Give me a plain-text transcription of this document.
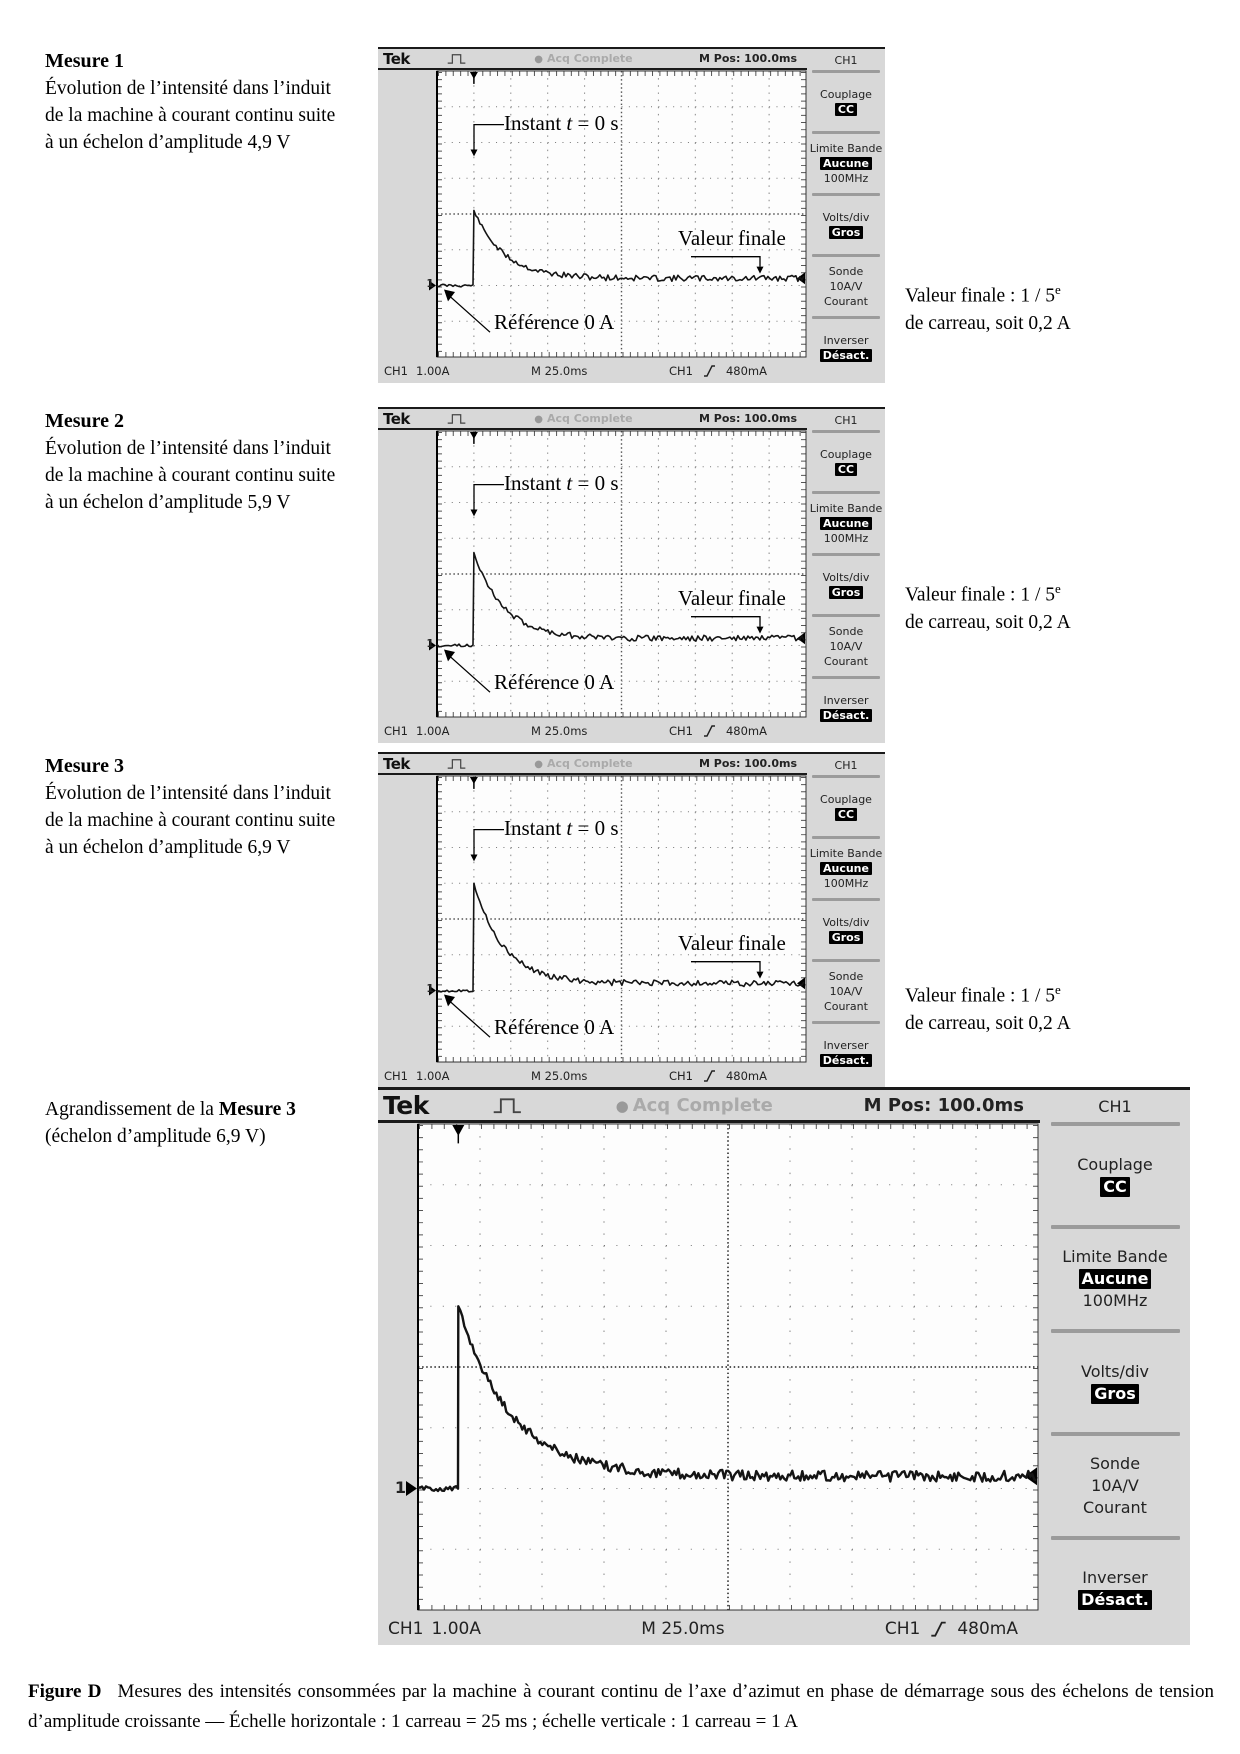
Mesure 1
Évolution de l’intensité dans l’induit
de la machine à courant continu suite
à un échelon d’amplitude 4,9 V
Tek	● Acq Complete	M Pos: 100.0ms
1
Instant t = 0 s
Valeur finale
Référence 0 A
CH1
Couplage
CC
Limite Bande
Aucune
100MHz
Volts/div
Gros
Sonde
10A/V
Courant
Inverser
Désact.
CH1 1.00A	M 25.0ms	CH1	480mA
Valeur finale : 1 / 5e
de carreau, soit 0,2 A
Mesure 2
Évolution de l’intensité dans l’induit
de la machine à courant continu suite
à un échelon d’amplitude 5,9 V
Tek	● Acq Complete	M Pos: 100.0ms
1
Instant t = 0 s
Valeur finale
Référence 0 A
CH1
Couplage
CC
Limite Bande
Aucune
100MHz
Volts/div
Gros
Sonde
10A/V
Courant
Inverser
Désact.
CH1 1.00A	M 25.0ms	CH1	480mA
Valeur finale : 1 / 5e
de carreau, soit 0,2 A
Mesure 3
Évolution de l’intensité dans l’induit
de la machine à courant continu suite
à un échelon d’amplitude 6,9 V
Tek	● Acq Complete	M Pos: 100.0ms
1
Instant t = 0 s
Valeur finale
Référence 0 A
CH1
Couplage
CC
Limite Bande
Aucune
100MHz
Volts/div
Gros
Sonde
10A/V
Courant
Inverser
Désact.
CH1 1.00A	M 25.0ms	CH1	480mA
Valeur finale : 1 / 5e
de carreau, soit 0,2 A
Agrandissement de la Mesure 3
(échelon d’amplitude 6,9 V)
Tek	● Acq Complete	M Pos: 100.0ms
1
CH1
Couplage
CC
Limite Bande
Aucune
100MHz
Volts/div
Gros
Sonde
10A/V
Courant
Inverser
Désact.
CH1 1.00A	M 25.0ms	CH1 480mA

Figure D Mesures des intensités consommées par la machine à courant continu de l’axe d’azimut en phase de démarrage sous des échelons de tension d’amplitude croissante — Échelle horizontale : 1 carreau = 25 ms ; échelle verticale : 1 carreau = 1 A
